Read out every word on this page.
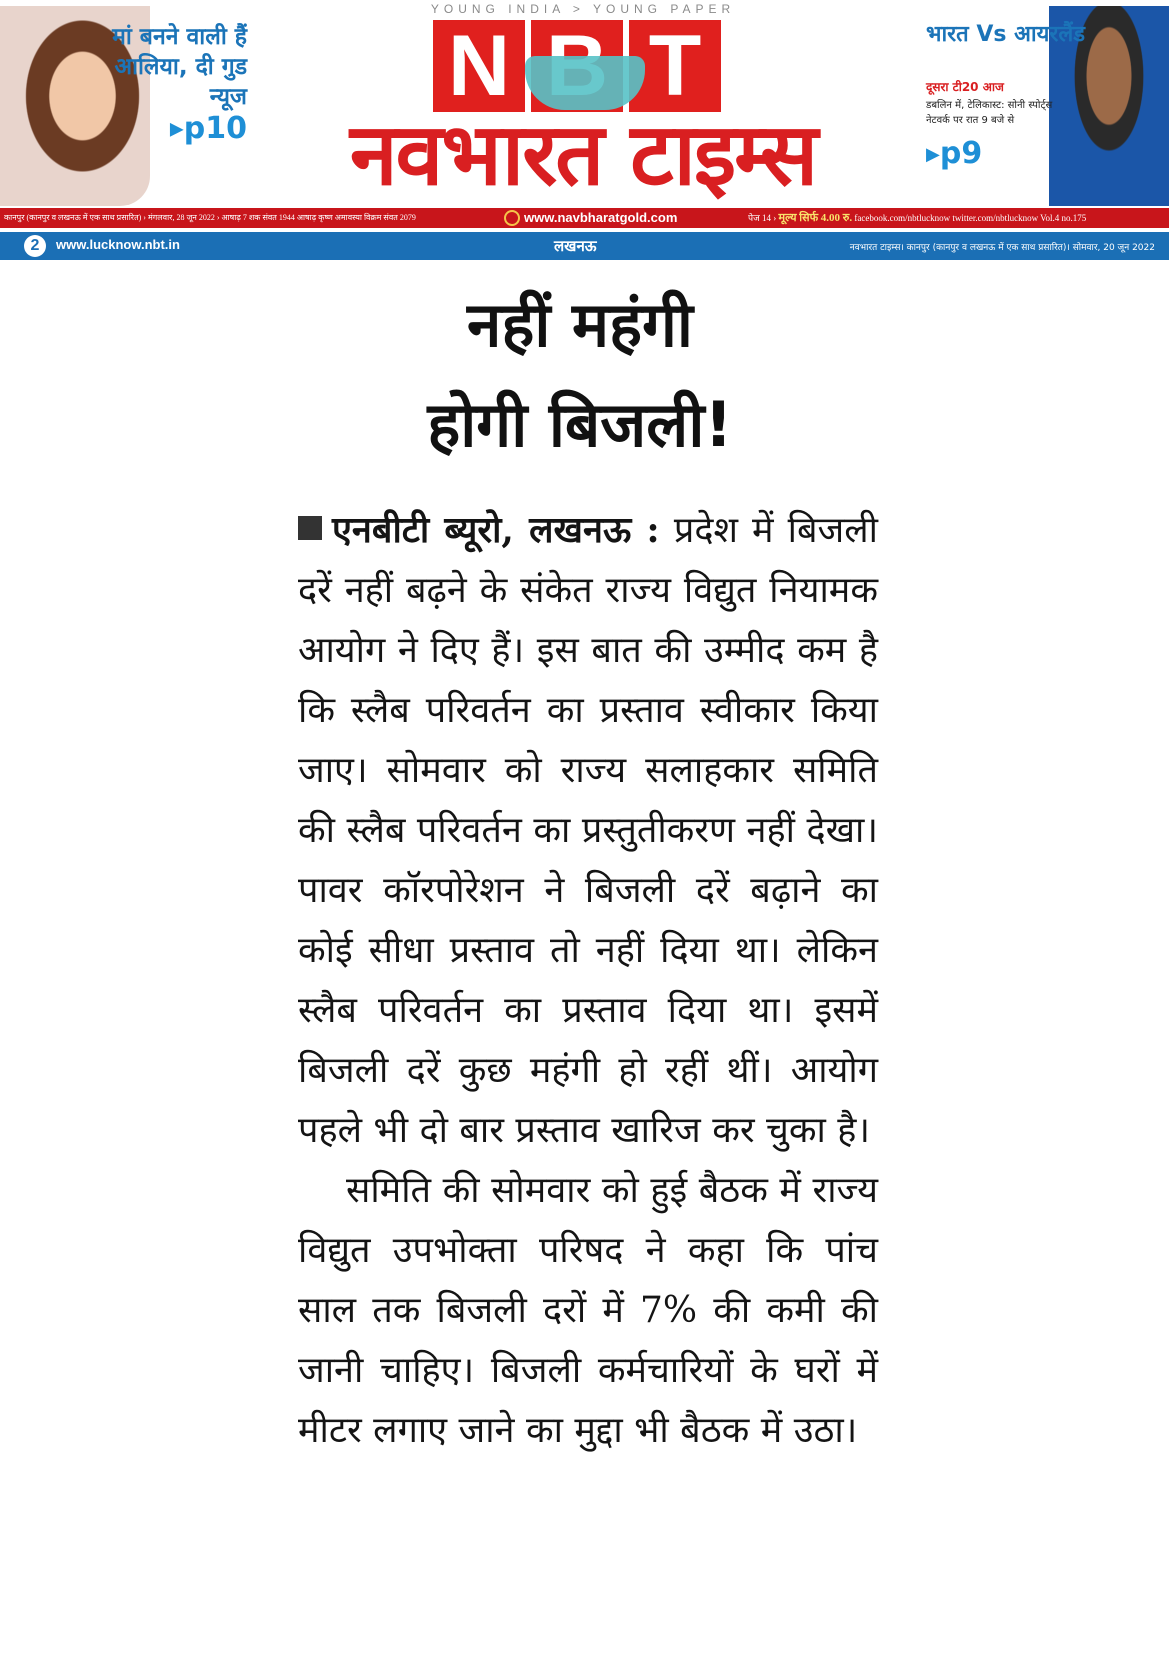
मां बनने वाली हैं आलिया, दी गुड न्यूज
▶p10
YOUNG INDIA > YOUNG PAPER
N T
नवभारत टाइम्स
भारत Vs आयरलैंड
दूसरा टी20 आज
डबलिन में, टेलिकास्ट: सोनी स्पोर्ट्स नेटवर्क पर रात 9 बजे से
▶p9
कानपुर (कानपुर व लखनऊ में एक साथ प्रसारित) › मंगलवार, 28 जून 2022 › आषाढ़ 7 शक संवत 1944 आषाढ़ कृष्ण अमावस्या विक्रम संवत 2079	www.navbharatgold.com	पेज 14 › मूल्य सिर्फ 4.00 रु. facebook.com/nbtlucknow twitter.com/nbtlucknow Vol.4 no.175
2	www.lucknow.nbt.in	लखनऊ	नवभारत टाइम्स। कानपुर (कानपुर व लखनऊ में एक साथ प्रसारित)। सोमवार, 20 जून 2022
नहीं महंगी
होगी बिजली!

एनबीटी ब्यूरो, लखनऊ : प्रदेश में बिजली दरें नहीं बढ़ने के संकेत राज्य विद्युत नियामक आयोग ने दिए हैं। इस बात की उम्मीद कम है कि स्लैब परिवर्तन का प्रस्ताव स्वीकार किया जाए। सोमवार को राज्य सलाहकार समिति की स्लैब परिवर्तन का प्रस्तुतीकरण नहीं देखा। पावर कॉरपोरेशन ने बिजली दरें बढ़ाने का कोई सीधा प्रस्ताव तो नहीं दिया था। लेकिन स्लैब परिवर्तन का प्रस्ताव दिया था। इसमें बिजली दरें कुछ महंगी हो रहीं थीं। आयोग पहले भी दो बार प्रस्ताव खारिज कर चुका है।

समिति की सोमवार को हुई बैठक में राज्य विद्युत उपभोक्ता परिषद ने कहा कि पांच साल तक बिजली दरों में 7% की कमी की जानी चाहिए। बिजली कर्मचारियों के घरों में मीटर लगाए जाने का मुद्दा भी बैठक में उठा।
